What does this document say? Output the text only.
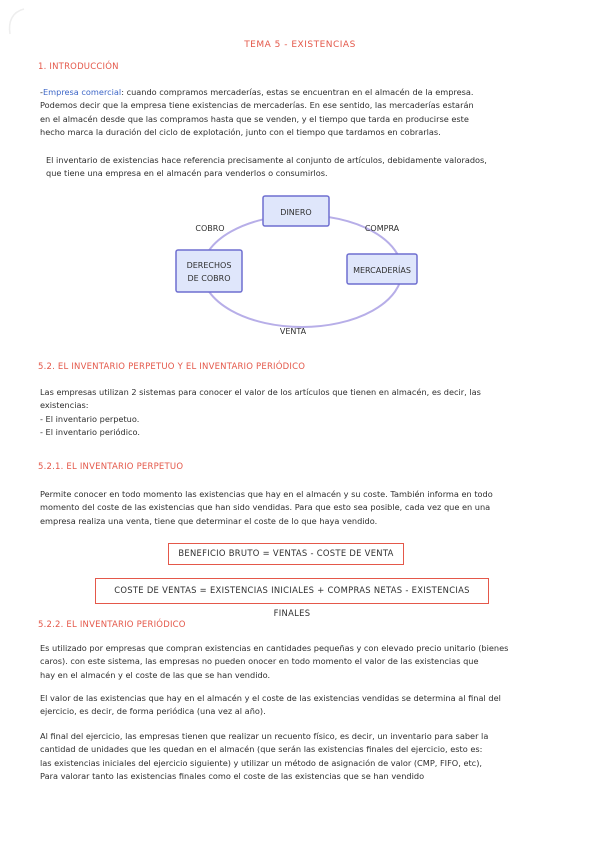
TEMA 5 - EXISTENCIAS
1. INTRODUCCIÓN
-Empresa comercial: cuando compramos mercaderías, estas se encuentran en el almacén de la empresa.
Podemos decir que la empresa tiene existencias de mercaderías. En ese sentido, las mercaderías estarán
en el almacén desde que las compramos hasta que se venden, y el tiempo que tarda en producirse este
hecho marca la duración del ciclo de explotación, junto con el tiempo que tardamos en cobrarlas.
El inventario de existencias hace referencia precisamente al conjunto de artículos, debidamente valorados,
que tiene una empresa en el almacén para venderlos o consumirlos.
DINERO
DERECHOS
DE COBRO
MERCADERÍAS
COBRO	COMPRA
VENTA
5.2. EL INVENTARIO PERPETUO Y EL INVENTARIO PERIÓDICO
Las empresas utilizan 2 sistemas para conocer el valor de los artículos que tienen en almacén, es decir, las
existencias:
- El inventario perpetuo.
- El inventario periódico.
5.2.1. EL INVENTARIO PERPETUO
Permite conocer en todo momento las existencias que hay en el almacén y su coste. También informa en todo
momento del coste de las existencias que han sido vendidas. Para que esto sea posible, cada vez que en una
empresa realiza una venta, tiene que determinar el coste de lo que haya vendido.
BENEFICIO BRUTO = VENTAS - COSTE DE VENTA
COSTE DE VENTAS = EXISTENCIAS INICIALES + COMPRAS NETAS - EXISTENCIAS FINALES
5.2.2. EL INVENTARIO PERIÓDICO
Es utilizado por empresas que compran existencias en cantidades pequeñas y con elevado precio unitario (bienes
caros). con este sistema, las empresas no pueden onocer en todo momento el valor de las existencias que
hay en el almacén y el coste de las que se han vendido.
El valor de las existencias que hay en el almacén y el coste de las existencias vendidas se determina al final del
ejercicio, es decir, de forma periódica (una vez al año).
Al final del ejercicio, las empresas tienen que realizar un recuento físico, es decir, un inventario para saber la
cantidad de unidades que les quedan en el almacén (que serán las existencias finales del ejercicio, esto es:
las existencias iniciales del ejercicio siguiente) y utilizar un método de asignación de valor (CMP, FIFO, etc),
Para valorar tanto las existencias finales como el coste de las existencias que se han vendido
